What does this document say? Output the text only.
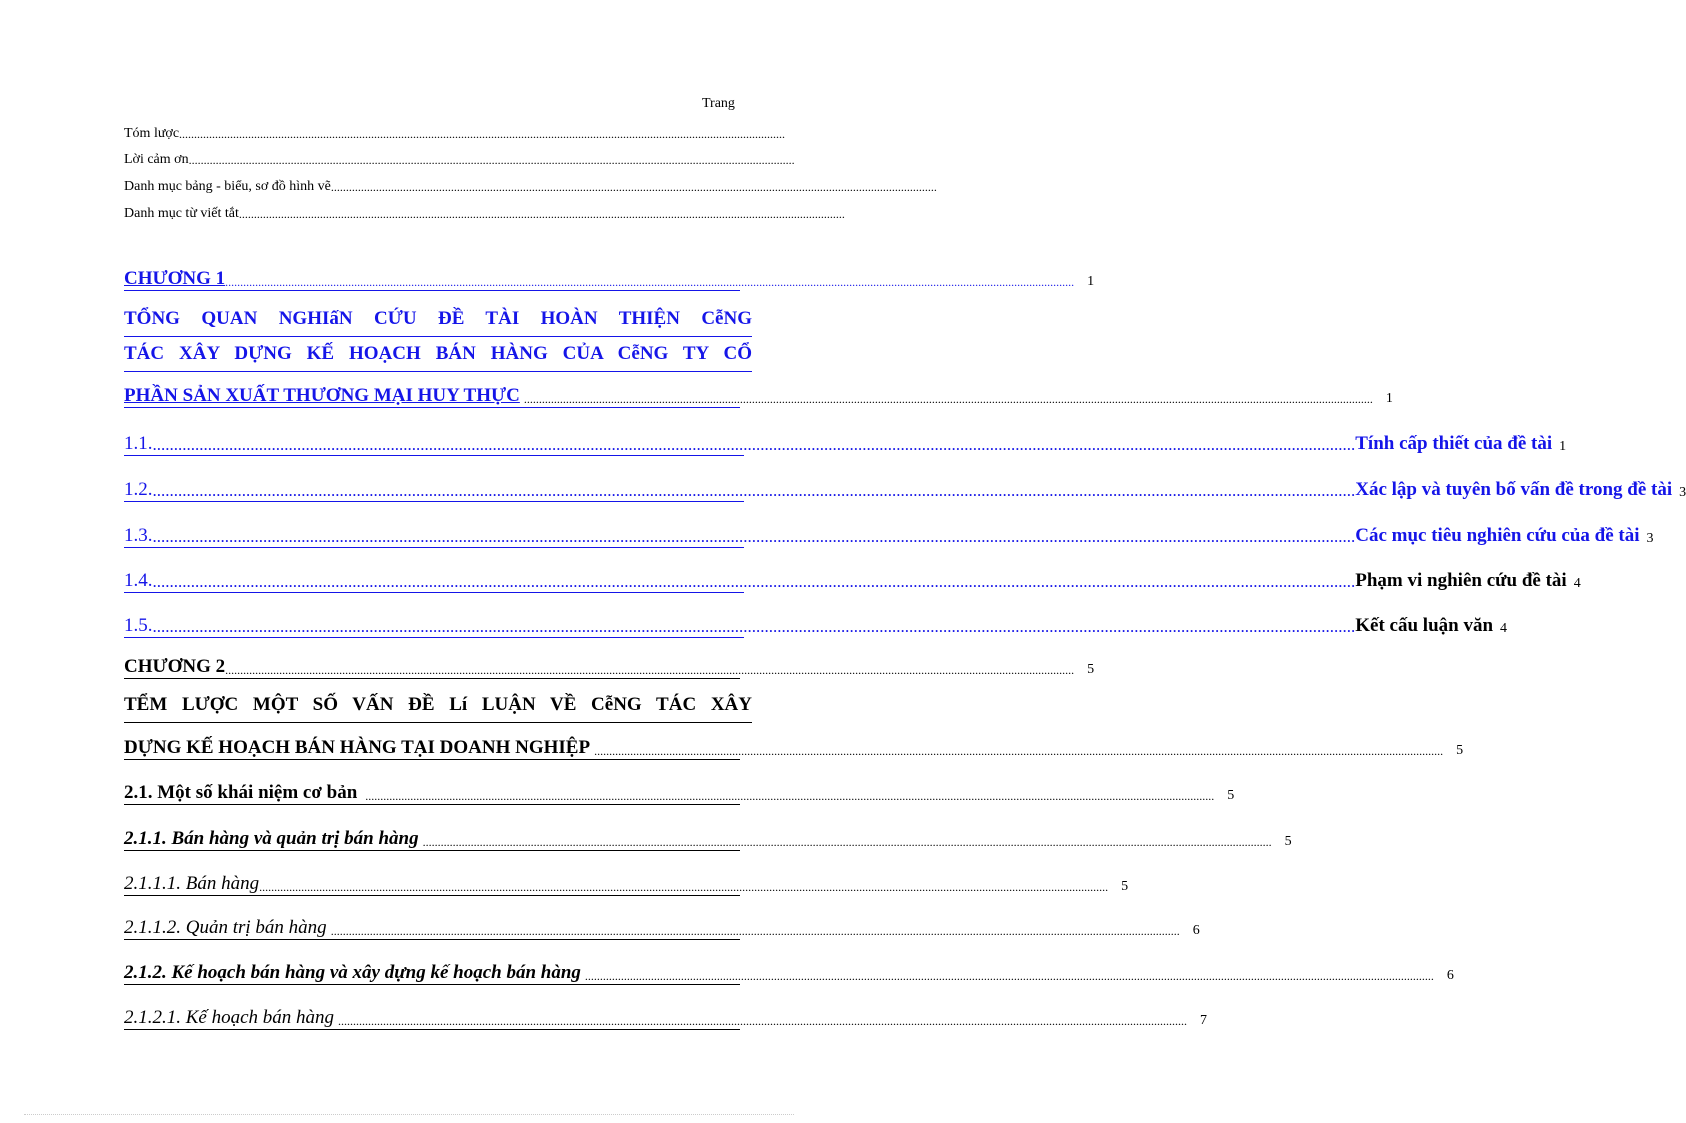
Trang
Tóm lược ..........................................................................................................................................................................................................
Lời cảm ơn ..........................................................................................................................................................................................................
Danh mục bảng - biểu, sơ đồ hình vẽ ..........................................................................................................................................................................................................
Danh mục từ viết tắt ..........................................................................................................................................................................................................
CHƯƠNG 1 ........................................................................................................................................................................................................................................................................................... 1
TỔNG QUAN NGHIấN CỨU ĐỀ TÀI HOÀN THIỆN CễNG
TÁC XÂY DỰNG KẾ HOẠCH BÁN HÀNG CỦA CễNG TY CỔ
PHẦN SẢN XUẤT THƯƠNG MẠI HUY THỰC ........................................................................................................................................................................................................................................................................................... 1
1.1. ........................................................................................................................................................................................................................................................................................... Tính cấp thiết của đề tài 1
1.2. ........................................................................................................................................................................................................................................................................................... Xác lập và tuyên bố vấn đề trong đề tài 3
1.3. ........................................................................................................................................................................................................................................................................................... Các mục tiêu nghiên cứu của đề tài 3
1.4. ........................................................................................................................................................................................................................................................................................... Phạm vi nghiên cứu đề tài 4
1.5. ........................................................................................................................................................................................................................................................................................... Kết cấu luận văn 4
CHƯƠNG 2 ........................................................................................................................................................................................................................................................................................... 5
TỂM LƯỢC MỘT SỐ VẤN ĐỀ Lí LUẬN VỀ CễNG TÁC XÂY
DỰNG KẾ HOẠCH BÁN HÀNG TẠI DOANH NGHIỆP ........................................................................................................................................................................................................................................................................................... 5
2.1. Một số khái niệm cơ bản ........................................................................................................................................................................................................................................................................................... 5
2.1.1. Bán hàng và quản trị bán hàng ........................................................................................................................................................................................................................................................................................... 5
2.1.1.1. Bán hàng ........................................................................................................................................................................................................................................................................................... 5
2.1.1.2. Quản trị bán hàng ........................................................................................................................................................................................................................................................................................... 6
2.1.2. Kế hoạch bán hàng và xây dựng kế hoạch bán hàng ........................................................................................................................................................................................................................................................................................... 6
2.1.2.1. Kế hoạch bán hàng ........................................................................................................................................................................................................................................................................................... 7
